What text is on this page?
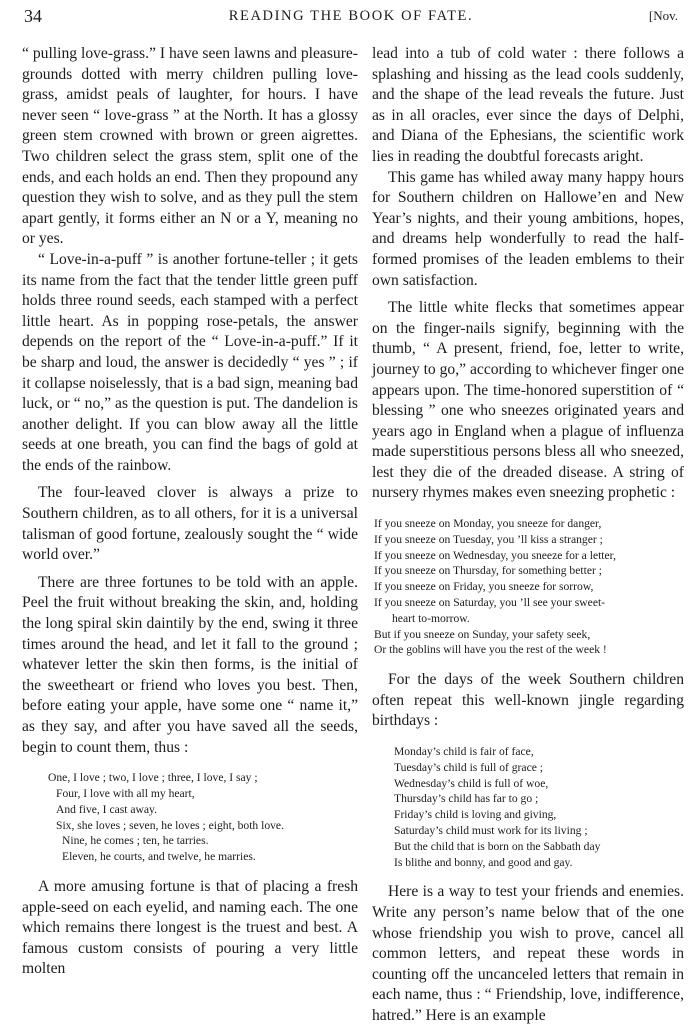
34	READING THE BOOK OF FATE.	[Nov.

“ pulling love-grass.” I have seen lawns and pleasure-grounds dotted with merry children pulling love-grass, amidst peals of laughter, for hours. I have never seen “ love-grass ” at the North. It has a glossy green stem crowned with brown or green aigrettes. Two children select the grass stem, split one of the ends, and each holds an end. Then they propound any question they wish to solve, and as they pull the stem apart gently, it forms either an N or a Y, meaning no or yes.

“ Love-in-a-puff ” is another fortune-teller ; it gets its name from the fact that the tender little green puff holds three round seeds, each stamped with a perfect little heart. As in popping rose-petals, the answer depends on the report of the “ Love-in-a-puff.” If it be sharp and loud, the answer is decidedly “ yes ” ; if it collapse noiselessly, that is a bad sign, meaning bad luck, or “ no,” as the question is put. The dandelion is another delight. If you can blow away all the little seeds at one breath, you can find the bags of gold at the ends of the rainbow.

The four-leaved clover is always a prize to Southern children, as to all others, for it is a universal talisman of good fortune, zealously sought the “ wide world over.”

There are three fortunes to be told with an apple. Peel the fruit without breaking the skin, and, holding the long spiral skin daintily by the end, swing it three times around the head, and let it fall to the ground ; whatever letter the skin then forms, is the initial of the sweetheart or friend who loves you best. Then, before eating your apple, have some one “ name it,” as they say, and after you have saved all the seeds, begin to count them, thus :

One, I love ; two, I love ; three, I love, I say ;
Four, I love with all my heart,
And five, I cast away.
Six, she loves ; seven, he loves ; eight, both love.
Nine, he comes ; ten, he tarries.
Eleven, he courts, and twelve, he marries.

A more amusing fortune is that of placing a fresh apple-seed on each eyelid, and naming each. The one which remains there longest is the truest and best. A famous custom consists of pouring a very little molten

lead into a tub of cold water : there follows a splashing and hissing as the lead cools suddenly, and the shape of the lead reveals the future. Just as in all oracles, ever since the days of Delphi, and Diana of the Ephesians, the scientific work lies in reading the doubtful forecasts aright.

This game has whiled away many happy hours for Southern children on Hallowe’en and New Year’s nights, and their young ambitions, hopes, and dreams help wonderfully to read the half-formed promises of the leaden emblems to their own satisfaction.

The little white flecks that sometimes appear on the finger-nails signify, beginning with the thumb, “ A present, friend, foe, letter to write, journey to go,” according to whichever finger one appears upon. The time-honored superstition of “ blessing ” one who sneezes originated years and years ago in England when a plague of influenza made superstitious persons bless all who sneezed, lest they die of the dreaded disease. A string of nursery rhymes makes even sneezing prophetic :

If you sneeze on Monday, you sneeze for danger,
If you sneeze on Tuesday, you ’ll kiss a stranger ;
If you sneeze on Wednesday, you sneeze for a letter,
If you sneeze on Thursday, for something better ;
If you sneeze on Friday, you sneeze for sorrow,
If you sneeze on Saturday, you ’ll see your sweet-
heart to-morrow.
But if you sneeze on Sunday, your safety seek,
Or the goblins will have you the rest of the week !

For the days of the week Southern children often repeat this well-known jingle regarding birthdays :

Monday’s child is fair of face,
Tuesday’s child is full of grace ;
Wednesday’s child is full of woe,
Thursday’s child has far to go ;
Friday’s child is loving and giving,
Saturday’s child must work for its living ;
But the child that is born on the Sabbath day
Is blithe and bonny, and good and gay.

Here is a way to test your friends and enemies. Write any person’s name below that of the one whose friendship you wish to prove, cancel all common letters, and repeat these words in counting off the uncanceled letters that remain in each name, thus : “ Friendship, love, indifference, hatred.” Here is an example
